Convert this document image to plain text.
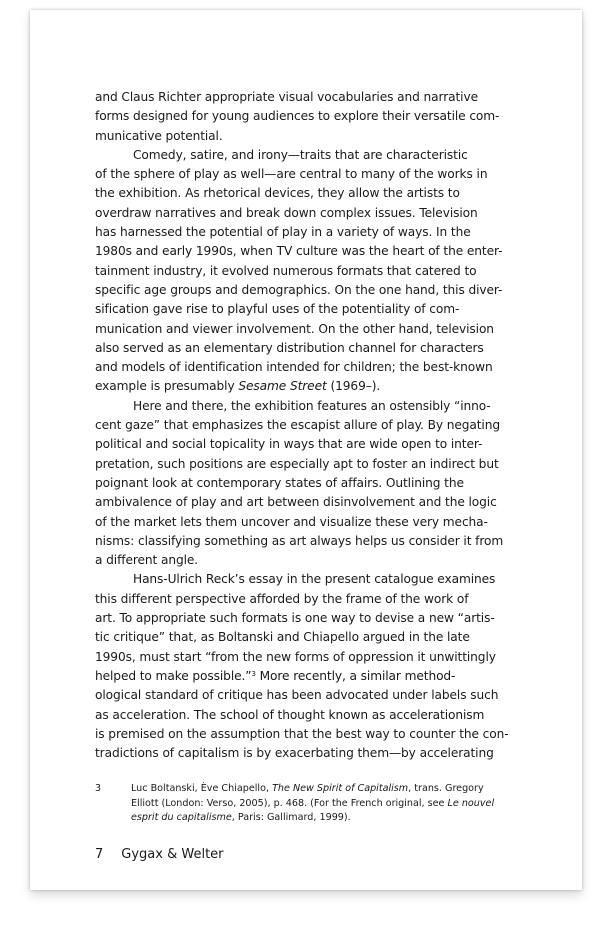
and Claus Richter appropriate visual vocabularies and narrative
forms designed for young audiences to explore their versatile com-
municative potential.
Comedy, satire, and irony—traits that are characteristic
of the sphere of play as well—are central to many of the works in
the exhibition. As rhetorical devices, they allow the artists to
overdraw narratives and break down complex issues. Television
has harnessed the potential of play in a variety of ways. In the
1980s and early 1990s, when TV culture was the heart of the enter-
tainment industry, it evolved numerous formats that catered to
specific age groups and demographics. On the one hand, this diver-
sification gave rise to playful uses of the potentiality of com-
munication and viewer involvement. On the other hand, television
also served as an elementary distribution channel for characters
and models of identification intended for children; the best-known
example is presumably Sesame Street (1969–).
Here and there, the exhibition features an ostensibly “inno-
cent gaze” that emphasizes the escapist allure of play. By negating
political and social topicality in ways that are wide open to inter-
pretation, such positions are especially apt to foster an indirect but
poignant look at contemporary states of affairs. Outlining the
ambivalence of play and art between disinvolvement and the logic
of the market lets them uncover and visualize these very mecha-
nisms: classifying something as art always helps us consider it from
a different angle.
Hans-Ulrich Reck’s essay in the present catalogue examines
this different perspective afforded by the frame of the work of
art. To appropriate such formats is one way to devise a new “artis-
tic critique” that, as Boltanski and Chiapello argued in the late
1990s, must start “from the new forms of oppression it unwittingly
helped to make possible.”$^3$ More recently, a similar method-
ological standard of critique has been advocated under labels such
as acceleration. The school of thought known as accelerationism
is premised on the assumption that the best way to counter the con-
tradictions of capitalism is by exacerbating them—by accelerating
3	Luc Boltanski, Ève Chiapello, The New Spirit of Capitalism, trans. Gregory
Elliott (London: Verso, 2005), p. 468. (For the French original, see Le nouvel
esprit du capitalisme, Paris: Gallimard, 1999).
7 Gygax & Welter
